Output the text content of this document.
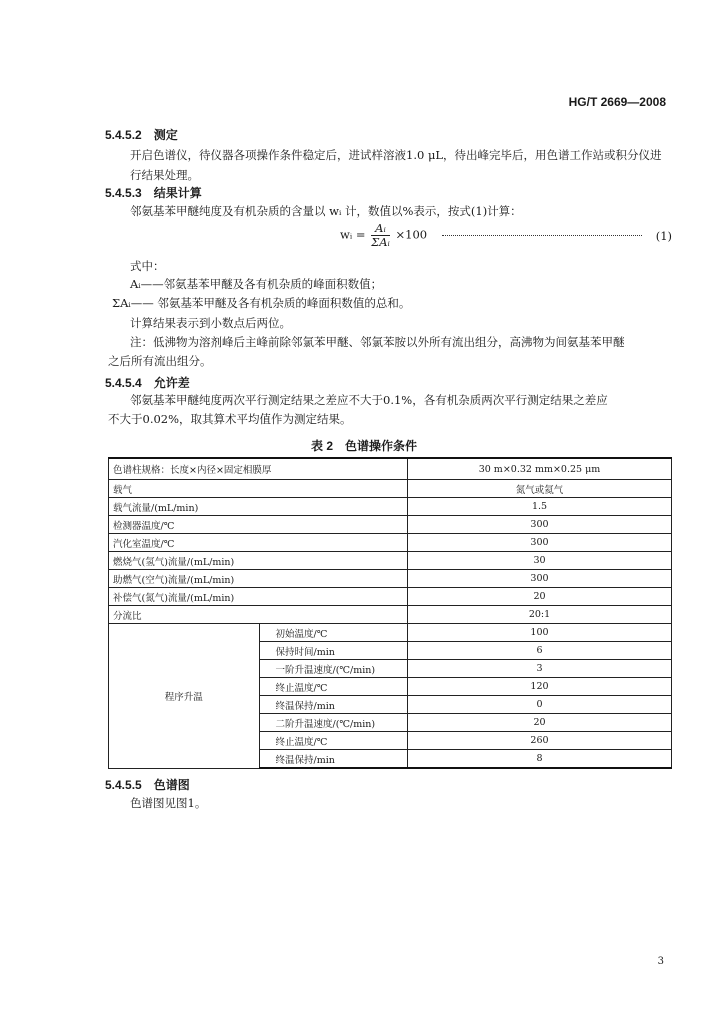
HG/T 2669—2008
5.4.5.2 测定
开启色谱仪，待仪器各项操作条件稳定后，进试样溶液1.0 μL，待出峰完毕后，用色谱工作站或积分仪进行结果处理。
5.4.5.3 结果计算
邻氨基苯甲醚纯度及有机杂质的含量以 wᵢ 计，数值以%表示，按式(1)计算：
wᵢ = $\frac{\text{Aᵢ}}{\text{ΣAᵢ}} \times 100$	(1)
式中：
Aᵢ——邻氨基苯甲醚及各有机杂质的峰面积数值；
ΣAᵢ—— 邻氨基苯甲醚及各有机杂质的峰面积数值的总和。
计算结果表示到小数点后两位。
注：低沸物为溶剂峰后主峰前除邻氯苯甲醚、邻氯苯胺以外所有流出组分，高沸物为间氨基苯甲醚
之后所有流出组分。
5.4.5.4 允许差
邻氨基苯甲醚纯度两次平行测定结果之差应不大于0.1%，各有机杂质两次平行测定结果之差应
不大于0.02%，取其算术平均值作为测定结果。
表 2　色谱操作条件
色谱柱规格：长度×内径×固定相膜厚		30 m×0.32 mm×0.25 μm
载气		氮气或氦气
载气流量/(mL/min)		1.5
检测器温度/℃		300
汽化室温度/℃		300
燃烧气(氢气)流量/(mL/min)		30
助燃气(空气)流量/(mL/min)		300
补偿气(氮气)流量/(mL/min)		20
分流比		20:1
程序升温	初始温度/℃	100
	保持时间/min	6
	一阶升温速度/(℃/min)	3
	终止温度/℃	120
	终温保持/min	0
	二阶升温速度/(℃/min)	20
	终止温度/℃	260
	终温保持/min	8
5.4.5.5 色谱图
色谱图见图1。
3
